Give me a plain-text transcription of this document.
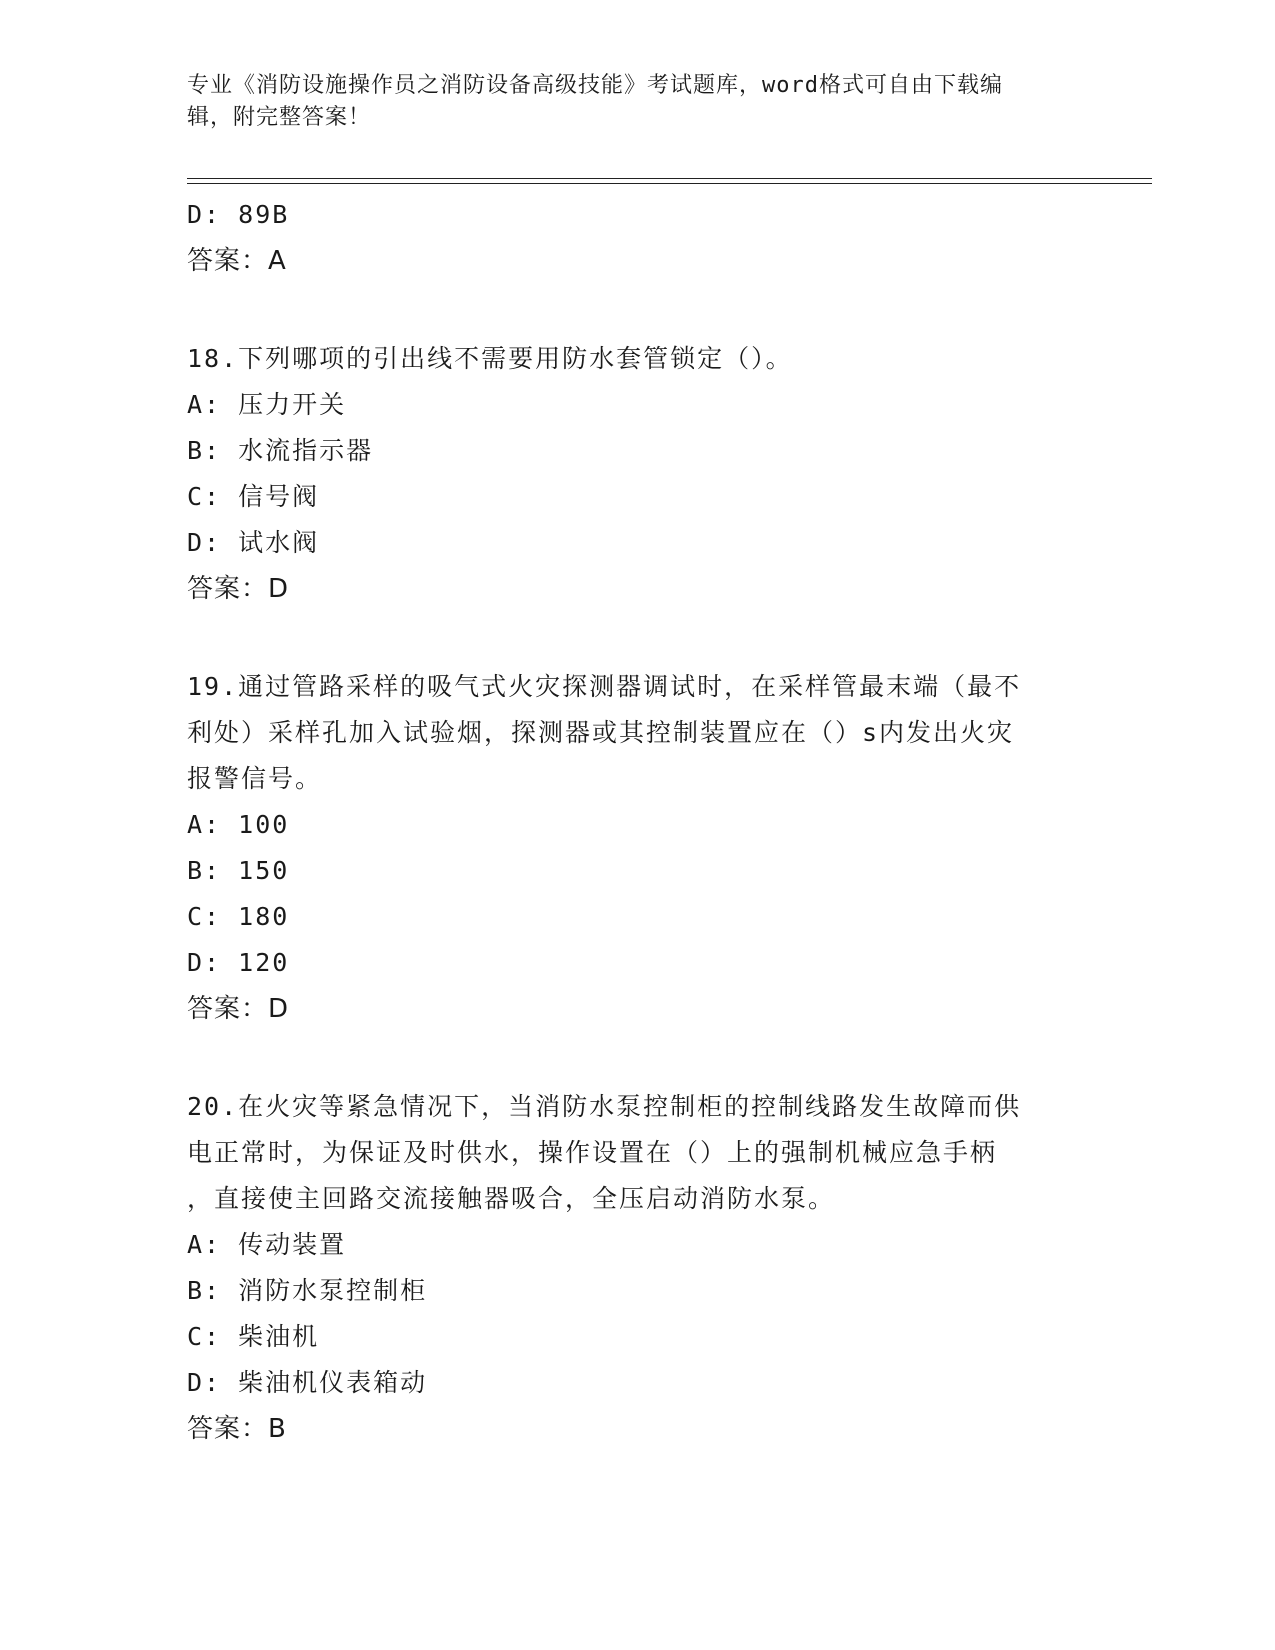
专业《消防设施操作员之消防设备高级技能》考试题库，word格式可自由下载编
辑，附完整答案！
D: 89B
答案：A
18.下列哪项的引出线不需要用防水套管锁定（）。
A: 压力开关
B: 水流指示器
C: 信号阀
D: 试水阀
答案：D
19.通过管路采样的吸气式火灾探测器调试时，在采样管最末端（最不
利处）采样孔加入试验烟，探测器或其控制装置应在（）s内发出火灾
报警信号。
A: 100
B: 150
C: 180
D: 120
答案：D
20.在火灾等紧急情况下，当消防水泵控制柜的控制线路发生故障而供
电正常时，为保证及时供水，操作设置在（）上的强制机械应急手柄
，直接使主回路交流接触器吸合，全压启动消防水泵。
A: 传动装置
B: 消防水泵控制柜
C: 柴油机
D: 柴油机仪表箱动
答案：B
